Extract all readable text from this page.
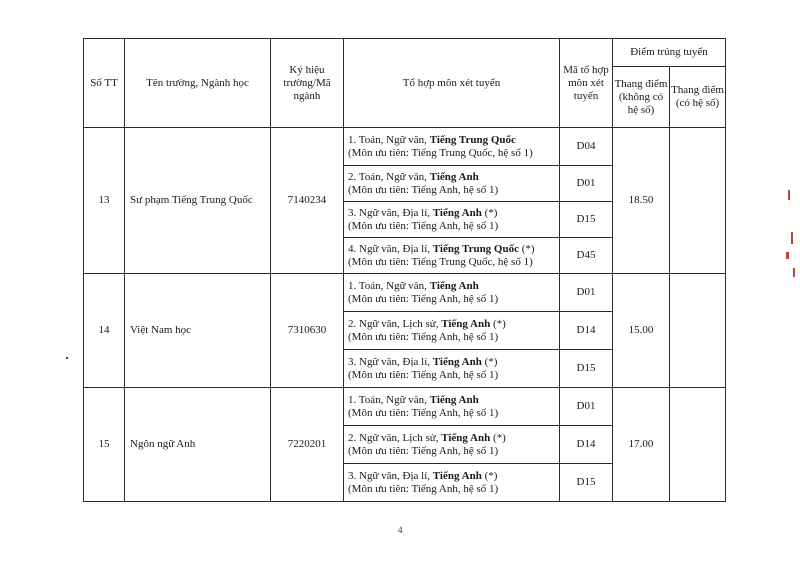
Số TT	Tên trường, Ngành học	Ký hiệu trường/Mã ngành	Tổ hợp môn xét tuyển	Mã tổ hợp môn xét tuyển	Điểm trúng tuyển	
					Thang điểm (không có hệ số)	Thang điểm (có hệ số)
13	Sư phạm Tiếng Trung Quốc	7140234	1. Toán, Ngữ văn, Tiếng Trung Quốc
(Môn ưu tiên: Tiếng Trung Quốc, hệ số 1)	D04	18.50	

			2. Toán, Ngữ văn, Tiếng Anh
(Môn ưu tiên: Tiếng Anh, hệ số 1)	D01		

			3. Ngữ văn, Địa lí, Tiếng Anh (*)
(Môn ưu tiên: Tiếng Anh, hệ số 1)	D15		

			4. Ngữ văn, Địa lí, Tiếng Trung Quốc (*)
(Môn ưu tiên: Tiếng Trung Quốc, hệ số 1)	D45		
14	Việt Nam học	7310630	1. Toán, Ngữ văn, Tiếng Anh
(Môn ưu tiên: Tiếng Anh, hệ số 1)	D01	15.00	

			2. Ngữ văn, Lịch sử, Tiếng Anh (*)
(Môn ưu tiên: Tiếng Anh, hệ số 1)	D14		

			3. Ngữ văn, Địa lí, Tiếng Anh (*)
(Môn ưu tiên: Tiếng Anh, hệ số 1)	D15		
15	Ngôn ngữ Anh	7220201	1. Toán, Ngữ văn, Tiếng Anh
(Môn ưu tiên: Tiếng Anh, hệ số 1)	D01	17.00	

			2. Ngữ văn, Lịch sử, Tiếng Anh (*)
(Môn ưu tiên: Tiếng Anh, hệ số 1)	D14		

			3. Ngữ văn, Địa lí, Tiếng Anh (*)
(Môn ưu tiên: Tiếng Anh, hệ số 1)	D15		
4
